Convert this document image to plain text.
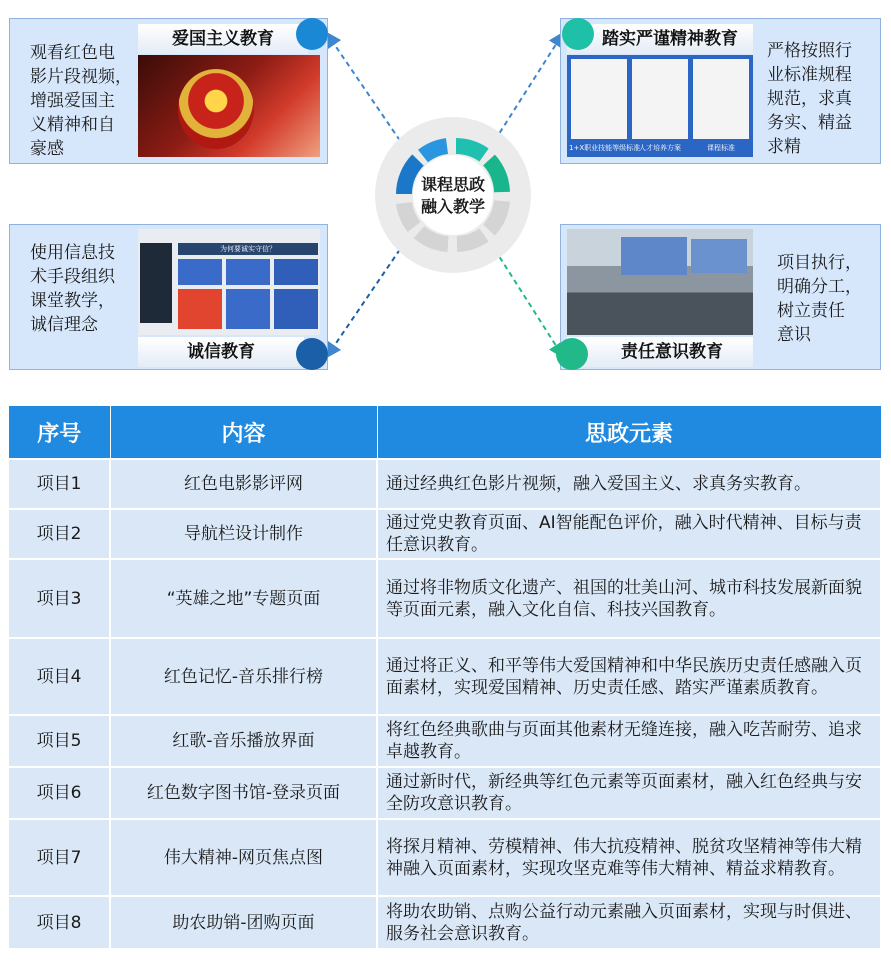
课程思政
融入教学
观看红色电
影片段视频，
增强爱国主
义精神和自
豪感
爱国主义教育
1+X职业技能等级标准
人才培养方案	课程标准
踏实严谨精神教育
严格按照行
业标准规程
规范，求真
务实、精益
求精
使用信息技
术手段组织
课堂教学，
诚信理念
为何要诚实守信？
诚信教育	责任意识教育
项目执行，
明确分工，
树立责任
意识
序号	内容	思政元素
项目1	红色电影影评网	通过经典红色影片视频，融入爱国主义、求真务实教育。
项目2	导航栏设计制作	通过党史教育页面、AI智能配色评价，融入时代精神、目标与责任意识教育。
项目3	“英雄之地”专题页面	通过将非物质文化遗产、祖国的壮美山河、城市科技发展新面貌等页面元素，融入文化自信、科技兴国教育。
项目4	红色记忆-音乐排行榜	通过将正义、和平等伟大爱国精神和中华民族历史责任感融入页面素材，实现爱国精神、历史责任感、踏实严谨素质教育。
项目5	红歌-音乐播放界面	将红色经典歌曲与页面其他素材无缝连接，融入吃苦耐劳、追求卓越教育。
项目6	红色数字图书馆-登录页面	通过新时代，新经典等红色元素等页面素材，融入红色经典与安全防攻意识教育。
项目7	伟大精神-网页焦点图	将探月精神、劳模精神、伟大抗疫精神、脱贫攻坚精神等伟大精神融入页面素材，实现攻坚克难等伟大精神、精益求精教育。
项目8	助农助销-团购页面	将助农助销、点购公益行动元素融入页面素材，实现与时俱进、服务社会意识教育。
